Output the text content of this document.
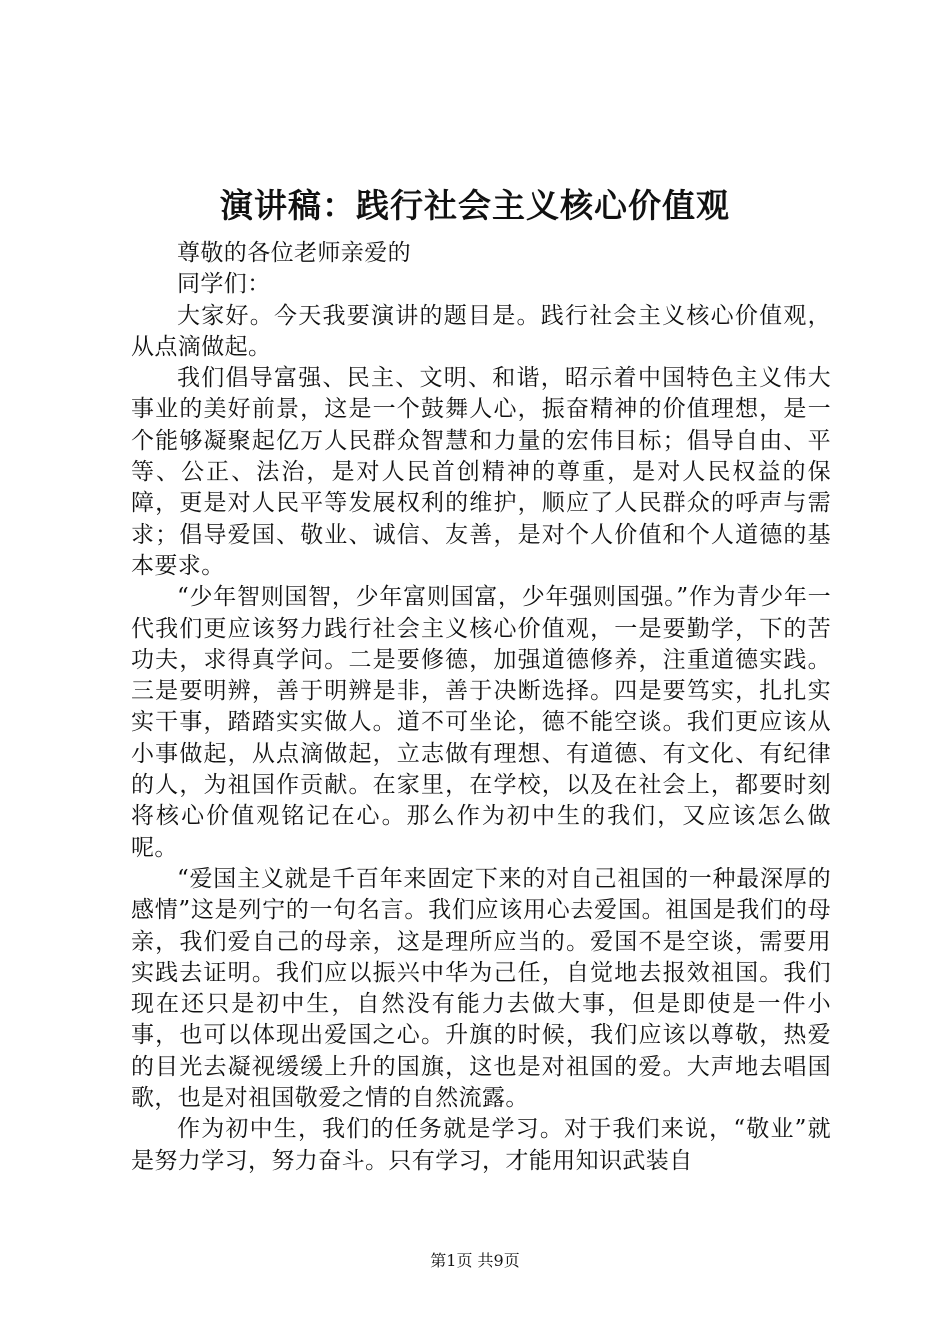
演讲稿：践行社会主义核心价值观

尊敬的各位老师亲爱的

同学们：

大家好。今天我要演讲的题目是。践行社会主义核心价值观，从点滴做起。

我们倡导富强、民主、文明、和谐，昭示着中国特色主义伟大事业的美好前景，这是一个鼓舞人心，振奋精神的价值理想，是一个能够凝聚起亿万人民群众智慧和力量的宏伟目标；倡导自由、平等、公正、法治，是对人民首创精神的尊重，是对人民权益的保障，更是对人民平等发展权利的维护，顺应了人民群众的呼声与需求；倡导爱国、敬业、诚信、友善，是对个人价值和个人道德的基本要求。

“少年智则国智，少年富则国富，少年强则国强。”作为青少年一代我们更应该努力践行社会主义核心价值观，一是要勤学，下的苦功夫，求得真学问。二是要修德，加强道德修养，注重道德实践。三是要明辨，善于明辨是非，善于决断选择。四是要笃实，扎扎实实干事，踏踏实实做人。道不可坐论，德不能空谈。我们更应该从小事做起，从点滴做起，立志做有理想、有道德、有文化、有纪律的人，为祖国作贡献。在家里，在学校，以及在社会上，都要时刻将核心价值观铭记在心。那么作为初中生的我们，又应该怎么做呢。

“爱国主义就是千百年来固定下来的对自己祖国的一种最深厚的感情”这是列宁的一句名言。我们应该用心去爱国。祖国是我们的母亲，我们爱自己的母亲，这是理所应当的。爱国不是空谈，需要用实践去证明。我们应以振兴中华为己任，自觉地去报效祖国。我们现在还只是初中生，自然没有能力去做大事，但是即使是一件小事，也可以体现出爱国之心。升旗的时候，我们应该以尊敬，热爱的目光去凝视缓缓上升的国旗，这也是对祖国的爱。大声地去唱国歌，也是对祖国敬爱之情的自然流露。

作为初中生，我们的任务就是学习。对于我们来说，“敬业”就是努力学习，努力奋斗。只有学习，才能用知识武装自

第1页 共9页
